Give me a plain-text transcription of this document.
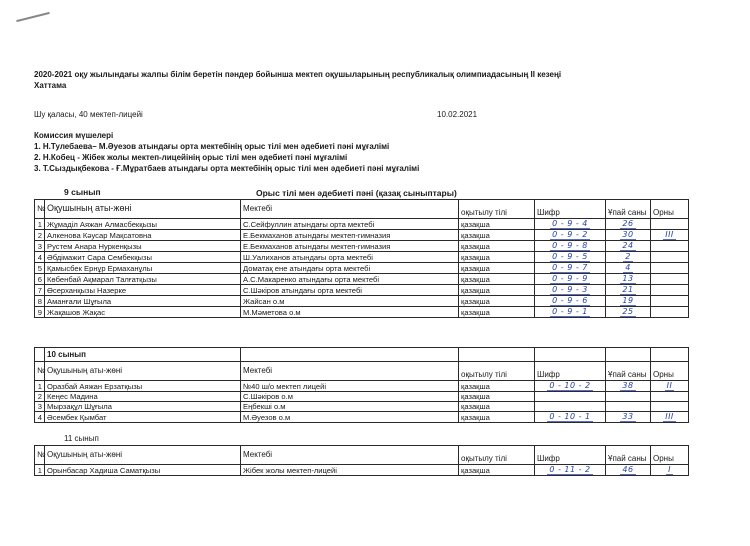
2020-2021 оқу жылындағы жалпы білім беретін пәндер бойынша мектеп оқушыларының республикалық олимпиадасының ІІ кезеңі
Хаттама
Шу қаласы, 40 мектеп-лицейі	10.02.2021
Комиссия мүшелері
1. Н.Тулебаева– М.Әуезов атындағы орта мектебінің орыс тілі мен әдебиеті пәні мұғалімі
2. Н.Кобец - Жібек жолы мектеп-лицейінің орыс тілі мен әдебиеті пәні мұғалімі
3. Т.Сыздықбекова - Ғ.Мұратбаев атындағы орта мектебінің орыс тілі мен әдебиеті пәні мұғалімі
9 сынып	Орыс тілі мен әдебиеті пәні (қазақ сыныптары)
№	Оқушының аты-жөні	Мектебі	оқытылу тілі	Шифр	Ұпай саны	Орны
1	Жұмаділ Аяжан Алмасбекқызы	С.Сейфуллин атындағы орта мектебі	қазақша	0 - 9 - 4	26	
2	Алкенова Кәусар Мақсатовна	Е.Бекмаханов атындағы мектеп-гимназия	қазақша	0 - 9 - 2	30	ІІІ
3	Рустем Анара Нуркенқызы	Е.Бекмаханов атындағы мектеп-гимназия	қазақша	0 - 9 - 8	24	
4	Әбдімажит Сара Сембекқызы	Ш.Уалиханов атындағы орта мектебі	қазақша	0 - 9 - 5	2	
5	Қамысбек Ернұр Ермаханұлы	Доматақ ене атындағы орта мектебі	қазақша	0 - 9 - 7	4	
6	Көбенбай Ақмарал Талғатқызы	А.С.Макаренко атындағы орта мектебі	қазақша	0 - 9 - 9	13	
7	Өсерханқызы Назерке	С.Шәкіров атындағы орта мектебі	қазақша	0 - 9 - 3	21	
8	Аманғали Шұғыла	Жайсан о.м	қазақша	0 - 9 - 6	19	
9	Жақашов Жақас	М.Мәметова о.м	қазақша	0 - 9 - 1	25	
	10 сынып					
№	Оқушының аты-жөні	Мектебі	оқытылу тілі	Шифр	Ұпай саны	Орны
1	Оразбай Аяжан Ерзатқызы	№40 ш/о мектеп лицейі	қазақша	0 - 10 - 2	38	ІІ
2	Кеңес Мадина	С.Шәкіров о.м	қазақша			
3	Мырзақұл Шұғыла	Еңбекші о.м	қазақша			
4	Әсембек Қымбат	М.Әуезов о.м	қазақша	0 - 10 - 1	33	ІІІ
11 сынып
№	Оқушының аты-жөні	Мектебі	оқытылу тілі	Шифр	Ұпай саны	Орны
1	Орынбасар Хадиша Саматқызы	Жібек жолы мектеп-лицейі	қазақша	0 - 11 - 2	46	І
